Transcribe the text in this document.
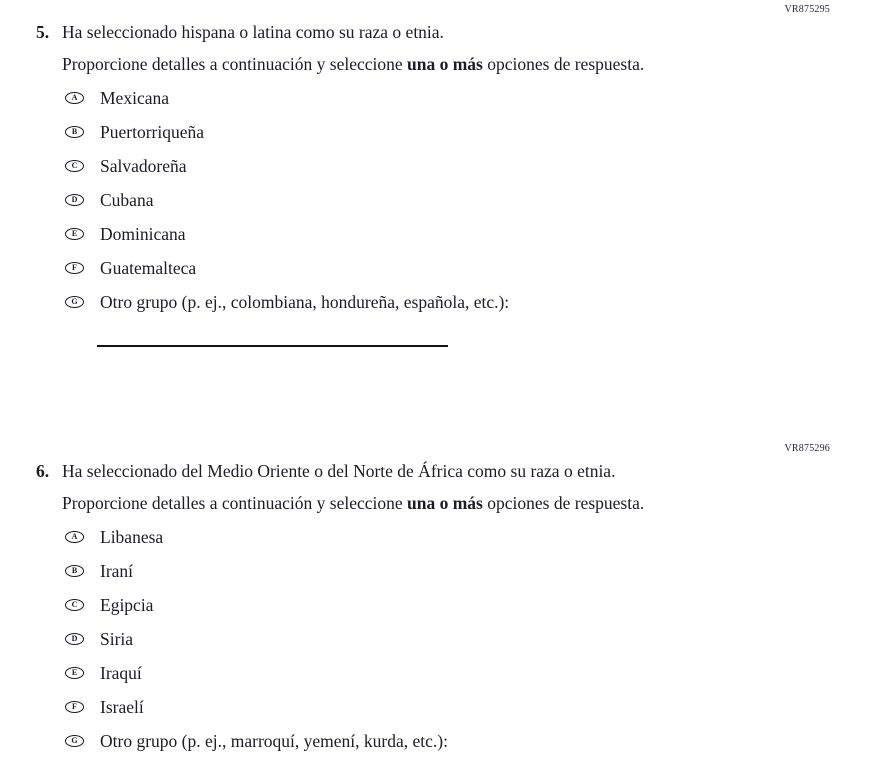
VR875295
5. Ha seleccionado hispana o latina como su raza o etnia.

Proporcione detalles a continuación y seleccione una o más opciones de respuesta.

A	Mexicana
B	Puertorriqueña
C	Salvadoreña
D	Cubana
E	Dominicana
F	Guatemalteca
G	Otro grupo (p. ej., colombiana, hondureña, española, etc.):
VR875296
6. Ha seleccionado del Medio Oriente o del Norte de África como su raza o etnia.

Proporcione detalles a continuación y seleccione una o más opciones de respuesta.

A	Libanesa
B	Iraní
C	Egipcia
D	Siria
E	Iraquí
F	Israelí
G	Otro grupo (p. ej., marroquí, yemení, kurda, etc.):
